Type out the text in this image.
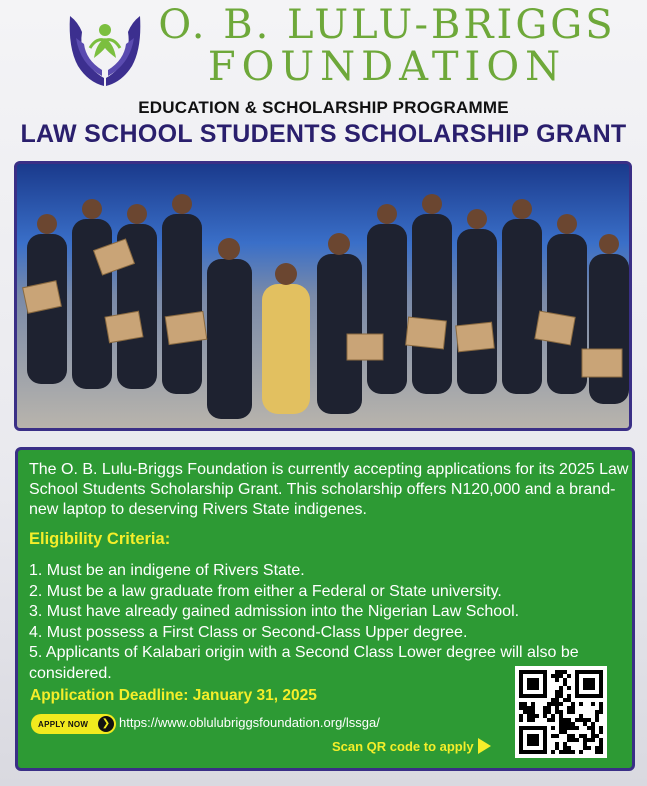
O. B. LULU-BRIGGS
FOUNDATION
EDUCATION & SCHOLARSHIP PROGRAMME
LAW SCHOOL STUDENTS SCHOLARSHIP GRANT
The O. B. Lulu-Briggs Foundation is currently accepting applications for its 2025 Law School Students Scholarship Grant. This scholarship offers N120,000 and a brand-new laptop to deserving Rivers State indigenes.
Eligibility Criteria:
1. Must be an indigene of Rivers State.
2. Must be a law graduate from either a Federal or State university.
3. Must have already gained admission into the Nigerian Law School.
4. Must possess a First Class or Second-Class Upper degree.
5. Applicants of Kalabari origin with a Second Class Lower degree will also be considered.
Application Deadline: January 31, 2025
APPLY NOW	❯ https://www.oblulubriggsfoundation.org/lssga/
Scan QR code to apply
